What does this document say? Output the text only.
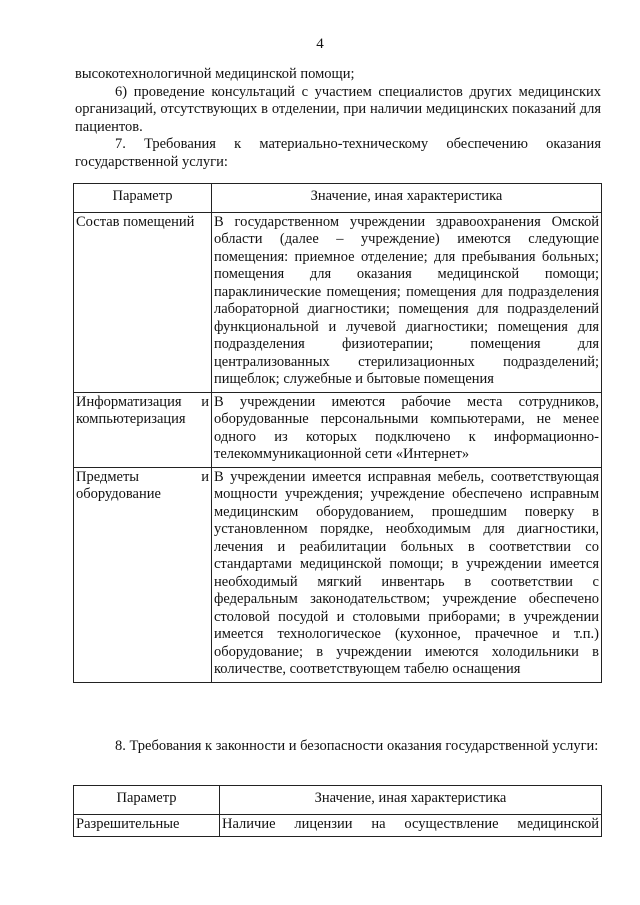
4

высокотехнологичной медицинской помощи;

6) проведение консультаций с участием специалистов других медицинских организаций, отсутствующих в отделении, при наличии медицинских показаний для пациентов.

7. Требования к материально-техническому обеспечению оказания государственной услуги:

Параметр	Значение, иная характеристика
Состав помещений	В государственном учреждении здравоохранения Омской области (далее – учреждение) имеются следующие помещения: приемное отделение; для пребывания больных; помещения для оказания медицинской помощи; параклинические помещения; помещения для подразделения лабораторной диагностики; помещения для подразделений функциональной и лучевой диагностики; помещения для подразделения физиотерапии; помещения для централизованных стерилизационных подразделений; пищеблок; служебные и бытовые помещения
Информатизация и компьютеризация	В учреждении имеются рабочие места сотрудников, оборудованные персональными компьютерами, не менее одного из которых подключено к информационно-телекоммуникационной сети «Интернет»
Предметы и оборудование	В учреждении имеется исправная мебель, соответствующая мощности учреждения; учреждение обеспечено исправным медицинским оборудованием, прошедшим поверку в установленном порядке, необходимым для диагностики, лечения и реабилитации больных в соответствии со стандартами медицинской помощи; в учреждении имеется необходимый мягкий инвентарь в соответствии с федеральным законодательством; учреждение обеспечено столовой посудой и столовыми приборами; в учреждении имеется технологическое (кухонное, прачечное и т.п.) оборудование; в учреждении имеются холодильники в количестве, соответствующем табелю оснащения

8. Требования к законности и безопасности оказания государственной услуги:

Параметр	Значение, иная характеристика
Разрешительные	Наличие лицензии на осуществление медицинской
